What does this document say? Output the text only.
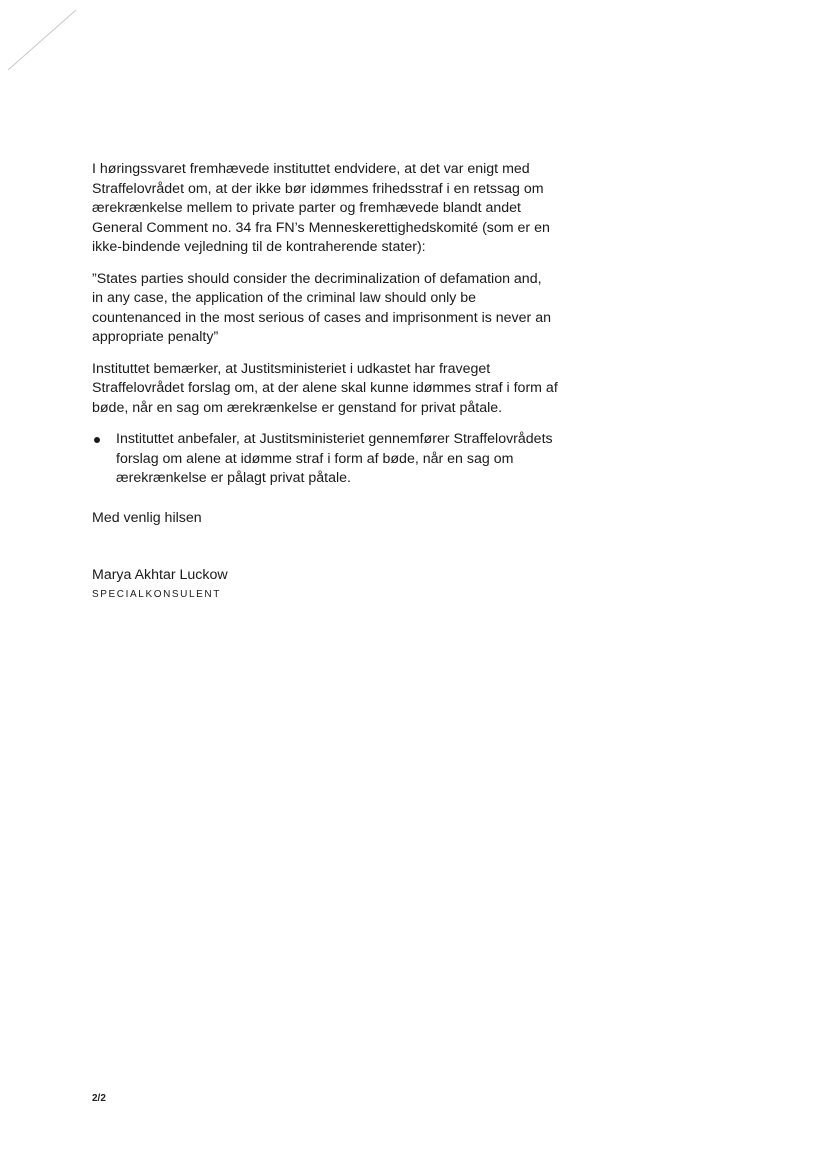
I høringssvaret fremhævede instituttet endvidere, at det var enigt med Straffelovrådet om, at der ikke bør idømmes frihedsstraf i en retssag om ærekrænkelse mellem to private parter og fremhævede blandt andet General Comment no. 34 fra FN’s Menneskerettighedskomité (som er en ikke-bindende vejledning til de kontraherende stater):

”States parties should consider the decriminalization of defamation and, in any case, the application of the criminal law should only be countenanced in the most serious of cases and imprisonment is never an appropriate penalty”

Instituttet bemærker, at Justitsministeriet i udkastet har fraveget Straffelovrådet forslag om, at der alene skal kunne idømmes straf i form af bøde, når en sag om ærekrænkelse er genstand for privat påtale.

Instituttet anbefaler, at Justitsministeriet gennemfører Straffelovrådets forslag om alene at idømme straf i form af bøde, når en sag om ærekrænkelse er pålagt privat påtale.

Med venlig hilsen

Marya Akhtar Luckow

SPECIALKONSULENT
2/2
